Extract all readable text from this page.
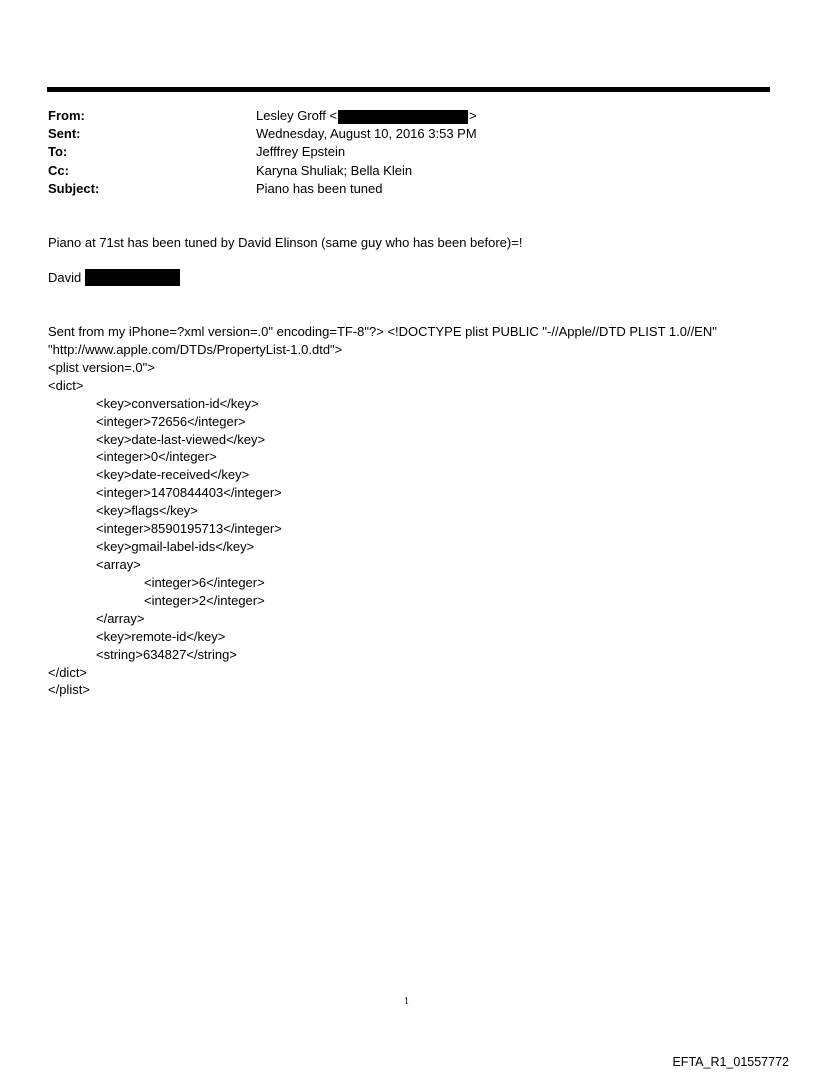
From:	Lesley Groff <	>
Sent:	Wednesday, August 10, 2016 3:53 PM
To:	Jefffrey Epstein
Cc:	Karyna Shuliak; Bella Klein
Subject:	Piano has been tuned
Piano at 71st has been tuned by David Elinson (same guy who has been before)=!
David
Sent from my iPhone=?xml version=.0" encoding=TF-8"?> <!DOCTYPE plist PUBLIC "-//Apple//DTD PLIST 1.0//EN"
"http://www.apple.com/DTDs/PropertyList-1.0.dtd">
<plist version=.0">
<dict>
<key>conversation-id</key>
<integer>72656</integer>
<key>date-last-viewed</key>
<integer>0</integer>
<key>date-received</key>
<integer>1470844403</integer>
<key>flags</key>
<integer>8590195713</integer>
<key>gmail-label-ids</key>
<array>
<integer>6</integer>
<integer>2</integer>
</array>
<key>remote-id</key>
<string>634827</string>
</dict>
</plist>
1
EFTA_R1_01557772
